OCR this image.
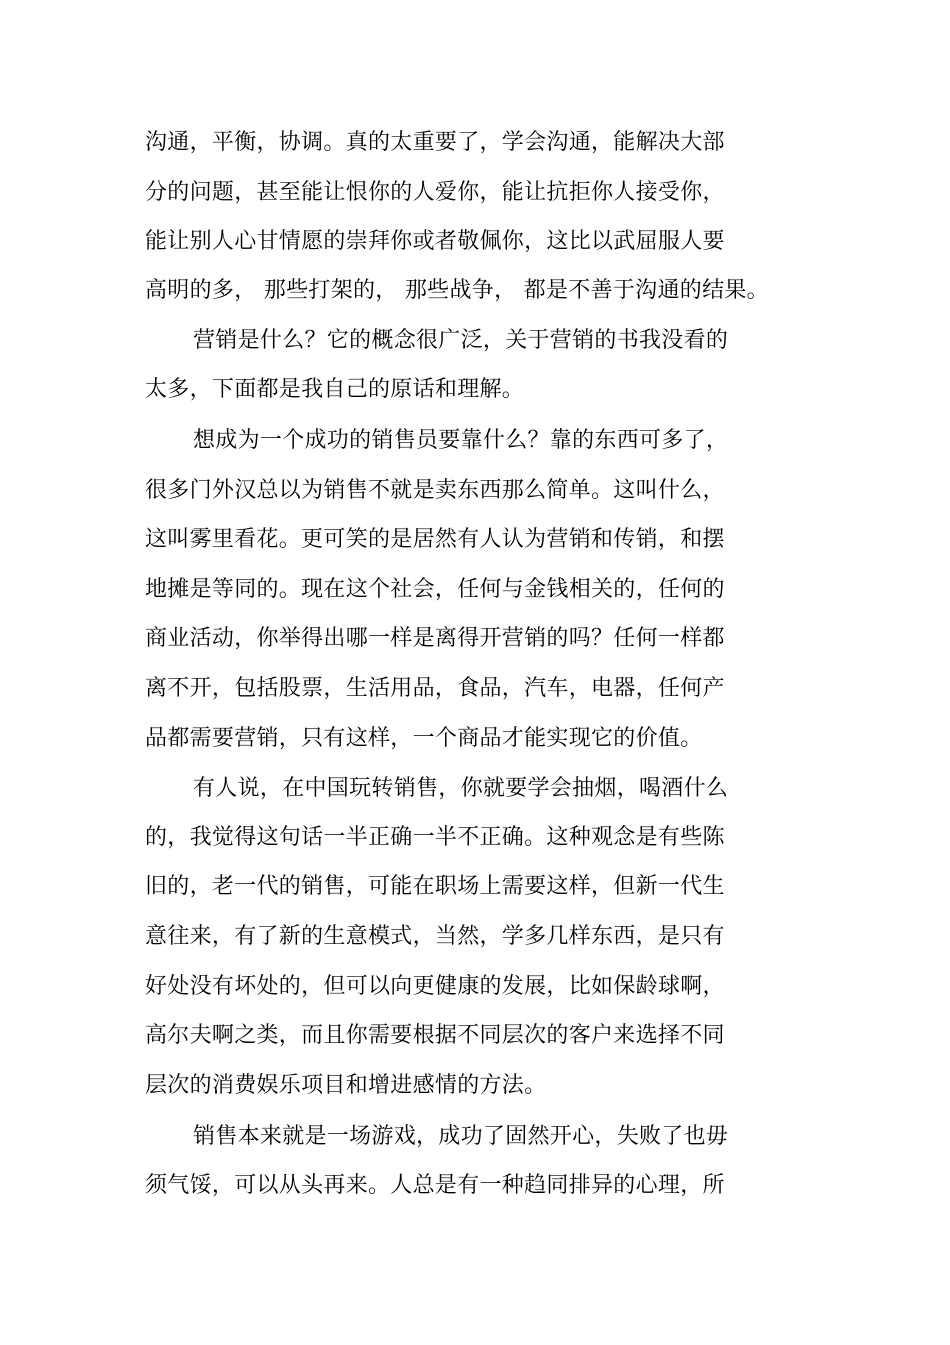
沟通，平衡，协调。真的太重要了，学会沟通，能解决大部
分的问题，甚至能让恨你的人爱你，能让抗拒你人接受你，
能让别人心甘情愿的崇拜你或者敬佩你，这比以武屈服人要
高明的多， 那些打架的， 那些战争， 都是不善于沟通的结果。
营销是什么？它的概念很广泛，关于营销的书我没看的
太多，下面都是我自己的原话和理解。
想成为一个成功的销售员要靠什么？靠的东西可多了，
很多门外汉总以为销售不就是卖东西那么简单。这叫什么，
这叫雾里看花。更可笑的是居然有人认为营销和传销，和摆
地摊是等同的。现在这个社会，任何与金钱相关的，任何的
商业活动，你举得出哪一样是离得开营销的吗？任何一样都
离不开，包括股票，生活用品，食品，汽车，电器，任何产
品都需要营销，只有这样，一个商品才能实现它的价值。
有人说，在中国玩转销售，你就要学会抽烟，喝酒什么
的，我觉得这句话一半正确一半不正确。这种观念是有些陈
旧的，老一代的销售，可能在职场上需要这样，但新一代生
意往来，有了新的生意模式，当然，学多几样东西，是只有
好处没有坏处的，但可以向更健康的发展，比如保龄球啊，
高尔夫啊之类，而且你需要根据不同层次的客户来选择不同
层次的消费娱乐项目和增进感情的方法。
销售本来就是一场游戏，成功了固然开心，失败了也毋
须气馁，可以从头再来。人总是有一种趋同排异的心理，所
